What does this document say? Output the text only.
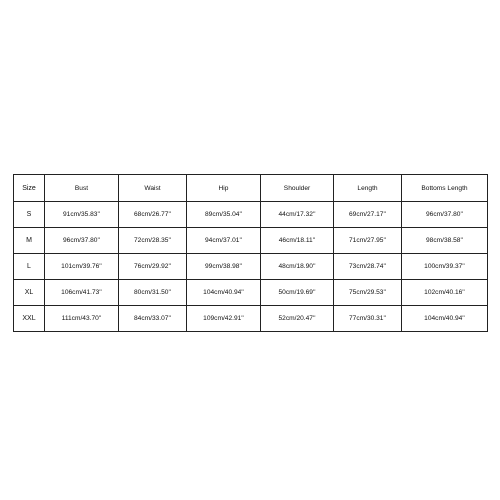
Size	Bust	Waist	Hip	Shoulder	Length	Bottoms Length
S	91cm/35.83''	68cm/26.77''	89cm/35.04''	44cm/17.32''	69cm/27.17''	96cm/37.80''
M	96cm/37.80''	72cm/28.35''	94cm/37.01''	46cm/18.11''	71cm/27.95''	98cm/38.58''
L	101cm/39.76''	76cm/29.92''	99cm/38.98''	48cm/18.90''	73cm/28.74''	100cm/39.37''
XL	106cm/41.73''	80cm/31.50''	104cm/40.94''	50cm/19.69''	75cm/29.53''	102cm/40.16''
XXL	111cm/43.70''	84cm/33.07''	109cm/42.91''	52cm/20.47''	77cm/30.31''	104cm/40.94''
